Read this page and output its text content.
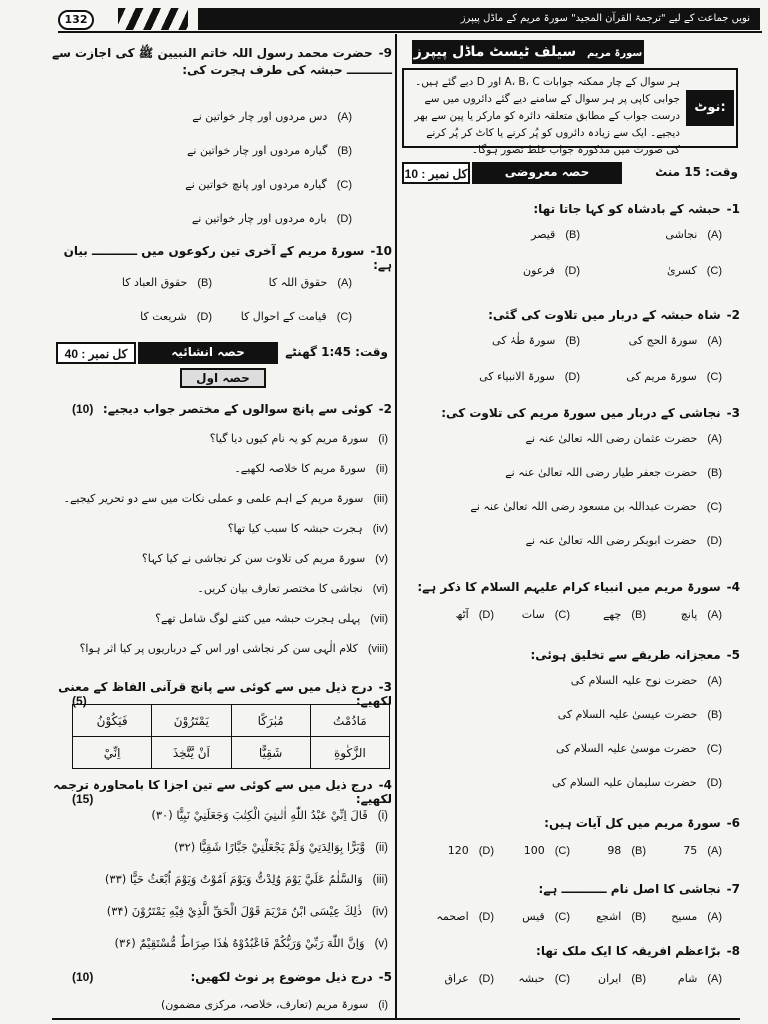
132	نویں جماعت کے لیے "ترجمۃ القرآن المجید" سورۃ مریم کے ماڈل پیپرز
سورۃ مریم سیلف ٹیسٹ ماڈل پیپرز
نوٹ:
ہر سوال کے چار ممکنہ جوابات A، B، C اور D دیے گئے ہیں۔ جوابی کاپی پر ہر سوال کے سامنے دیے گئے دائروں میں سے درست جواب کے مطابق متعلقہ دائرہ کو مارکر یا پین سے بھر دیجیے۔ ایک سے زیادہ دائروں کو پُر کرنے یا کاٹ کر پُر کرنے کی صورت میں مذکورہ جواب غلط تصور ہوگا۔
کل نمبر : 10	حصہ معروضی	وقت: 15 منٹ
1-حبشہ کے بادشاہ کو کہا جاتا تھا:
(A)نجاشی
(B)قیصر
(C)کسریٰ
(D)فرعون
2-شاہ حبشہ کے دربار میں تلاوت کی گئی:
(A)سورۃ الحج کی
(B)سورۃ طٰہٰ کی
(C)سورۃ مریم کی
(D)سورۃ الانبیاء کی
3-نجاشی کے دربار میں سورۃ مریم کی تلاوت کی:
(A)حضرت عثمان رضی اللہ تعالیٰ عنہ نے
(B)حضرت جعفر طیار رضی اللہ تعالیٰ عنہ نے
(C)حضرت عبداللہ بن مسعود رضی اللہ تعالیٰ عنہ نے
(D)حضرت ابوبکر رضی اللہ تعالیٰ عنہ نے
4-سورۃ مریم میں انبیاء کرام علیہم السلام کا ذکر ہے:
(A)پانچ
(B)چھے
(C)سات
(D)آٹھ
5-معجزانہ طریقے سے تخلیق ہوئی:
(A)حضرت نوح علیہ السلام کی
(B)حضرت عیسیٰ علیہ السلام کی
(C)حضرت موسیٰ علیہ السلام کی
(D)حضرت سلیمان علیہ السلام کی
6-سورۃ مریم میں کل آیات ہیں:
(A)75
(B)98
(C)100
(D)120
7-نجاشی کا اصل نام ـــــــــــ ہے:
(A)مسیح
(B)اشجع
(C)قیس
(D)اصحمہ
8-برّاعظم افریقہ کا ایک ملک تھا:
(A)شام
(B)ایران
(C)حبشہ
(D)عراق
9-حضرت محمد رسول اللہ خاتم النبیین ﷺ کی اجازت سے ـــــــــــ حبشہ کی طرف ہجرت کی:
(A)دس مردوں اور چار خواتین نے
(B)گیارہ مردوں اور چار خواتین نے
(C)گیارہ مردوں اور پانچ خواتین نے
(D)بارہ مردوں اور چار خواتین نے
10-سورۃ مریم کے آخری تین رکوعوں میں ـــــــــــ بیان ہے:
(A)حقوق اللہ کا
(B)حقوق العباد کا
(C)قیامت کے احوال کا
(D)شریعت کا
2-کوئی سے پانچ سوالوں کے مختصر جواب دیجیے:
(10)
(i)سورۃ مریم کو یہ نام کیوں دیا گیا؟
(ii)سورۃ مریم کا خلاصہ لکھیے۔
(iii)سورۃ مریم کے اہم علمی و عملی نکات میں سے دو تحریر کیجیے۔
(iv)ہجرت حبشہ کا سبب کیا تھا؟
(v)سورۃ مریم کی تلاوت سن کر نجاشی نے کیا کہا؟
(vi)نجاشی کا مختصر تعارف بیان کریں۔
(vii)پہلی ہجرت حبشہ میں کتنے لوگ شامل تھے؟
(viii)کلام الٰہی سن کر نجاشی اور اس کے درباریوں پر کیا اثر ہوا؟
3-درج ذیل میں سے کوئی سے پانچ قرآنی الفاظ کے معنی لکھیے:
(5)
4-درج ذیل میں سے کوئی سے تین اجزا کا بامحاورہ ترجمہ لکھیے:
(15)
(i)قَالَ اِنِّيْ عَبْدُ اللّٰهِ اٰتٰىنِيَ الْكِتٰبَ وَجَعَلَنِيْ نَبِيًّا (۳۰)
(ii)وَّبَرًّا بِوَالِدَتِيْ وَلَمْ يَجْعَلْنِيْ جَبَّارًا شَقِيًّا (۳۲)
(iii)وَالسَّلٰمُ عَلَيَّ يَوْمَ وُلِدْتُّ وَيَوْمَ اَمُوْتُ وَيَوْمَ اُبْعَثُ حَيًّا (۳۳)
(iv)ذٰلِكَ عِيْسَى ابْنُ مَرْيَمَ قَوْلَ الْحَقِّ الَّذِيْ فِيْهِ يَمْتَرُوْنَ (۳۴)
(v)وَاِنَّ اللّٰهَ رَبِّيْ وَرَبُّكُمْ فَاعْبُدُوْهُ هٰذَا صِرَاطٌ مُّسْتَقِيْمٌ (۳۶)
5-درج ذیل موضوع پر نوٹ لکھیں:
(10)
(i)سورۃ مریم (تعارف، خلاصہ، مرکزی مضمون)
کل نمبر : 40	حصہ انشائیہ	وقت: 1:45 گھنٹے
حصہ اول
مَادُمْتُ	مُبٰرَكًا	يَمْتَرُوْنَ	فَيَكُوْنُ
الزَّكٰوةِ	شَقِيًّا	اَنْ يَّتَّخِذَ	اِنِّيْ
